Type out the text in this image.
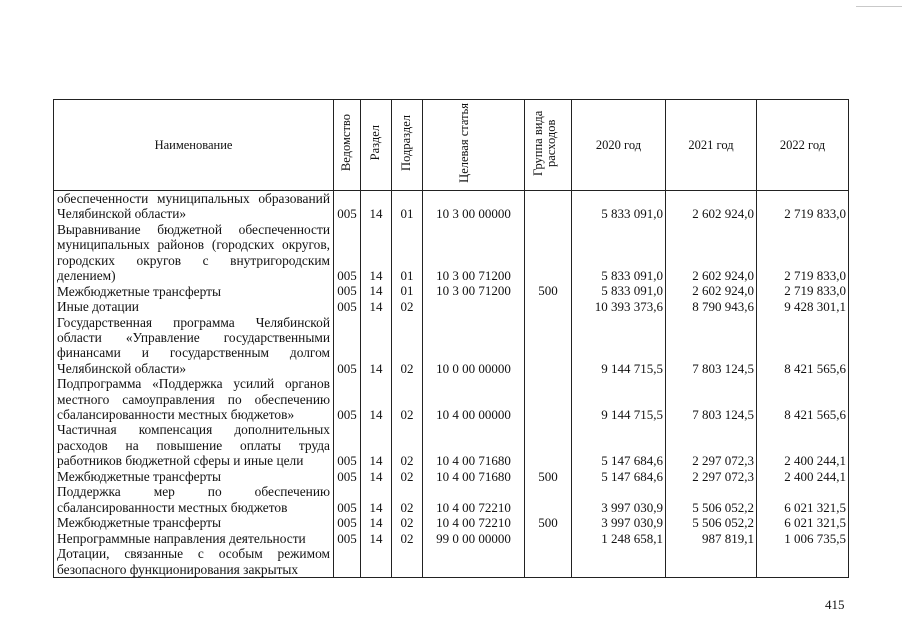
Наименование	Ведомство	Раздел	Подраздел	Целевая статья	Группа вида расходов	2020 год	2021 год	2022 год
обеспеченности муниципальных образований Челябинской области»	005	14	01	10 3 00 00000		5 833 091,0	2 602 924,0	2 719 833,0
Выравнивание бюджетной обеспеченности муниципальных районов (городских округов, городских округов с внутригородским делением)	005	14	01	10 3 00 71200		5 833 091,0	2 602 924,0	2 719 833,0
Межбюджетные трансферты	005	14	01	10 3 00 71200	500	5 833 091,0	2 602 924,0	2 719 833,0
Иные дотации	005	14	02			10 393 373,6	8 790 943,6	9 428 301,1
Государственная программа Челябинской области «Управление государственными финансами и государственным долгом Челябинской области»	005	14	02	10 0 00 00000		9 144 715,5	7 803 124,5	8 421 565,6
Подпрограмма «Поддержка усилий органов местного самоуправления по обеспечению сбалансированности местных бюджетов»	005	14	02	10 4 00 00000		9 144 715,5	7 803 124,5	8 421 565,6
Частичная компенсация дополнительных расходов на повышение оплаты труда работников бюджетной сферы и иные цели	005	14	02	10 4 00 71680		5 147 684,6	2 297 072,3	2 400 244,1
Межбюджетные трансферты	005	14	02	10 4 00 71680	500	5 147 684,6	2 297 072,3	2 400 244,1
Поддержка мер по обеспечению сбалансированности местных бюджетов	005	14	02	10 4 00 72210		3 997 030,9	5 506 052,2	6 021 321,5
Межбюджетные трансферты	005	14	02	10 4 00 72210	500	3 997 030,9	5 506 052,2	6 021 321,5
Непрограммные направления деятельности	005	14	02	99 0 00 00000		1 248 658,1	987 819,1	1 006 735,5
Дотации, связанные с особым режимом безопасного функционирования закрытых								
415
